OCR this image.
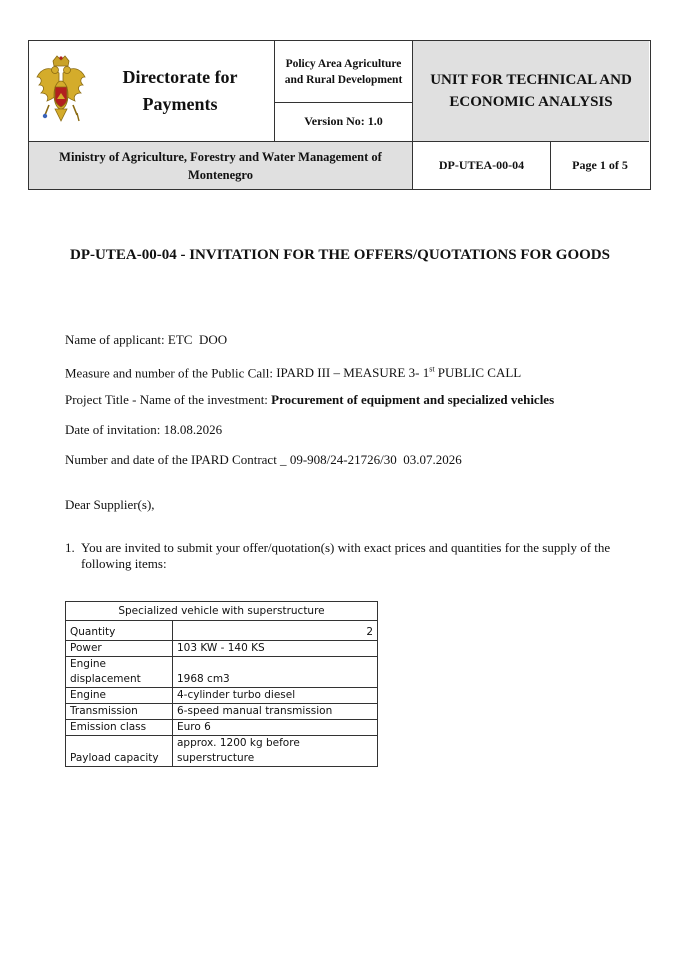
Directorate for Payments
Policy Area Agriculture and Rural Development
Version No: 1.0
UNIT FOR TECHNICAL AND ECONOMIC ANALYSIS
Ministry of Agriculture, Forestry and Water Management of Montenegro
DP-UTEA-00-04	Page 1 of 5
DP-UTEA-00-04 - INVITATION FOR THE OFFERS/QUOTATIONS FOR GOODS
Name of applicant: ETC  DOO
Measure and number of the Public Call: IPARD III – MEASURE 3- 1st PUBLIC CALL
Project Title - Name of the investment: Procurement of equipment and specialized vehicles
Date of invitation: 18.08.2026
Number and date of the IPARD Contract _ 09-908/24-21726/30  03.07.2026
Dear Supplier(s),
1. You are invited to submit your offer/quotation(s) with exact prices and quantities for the supply of the following items:
Specialized vehicle with superstructure	
Quantity	2
Power	103 KW - 140 KS
Engine displacement	1968 cm3
Engine	4-cylinder turbo diesel
Transmission	6-speed manual transmission
Emission class	Euro 6
Payload capacity	approx. 1200 kg before superstructure
